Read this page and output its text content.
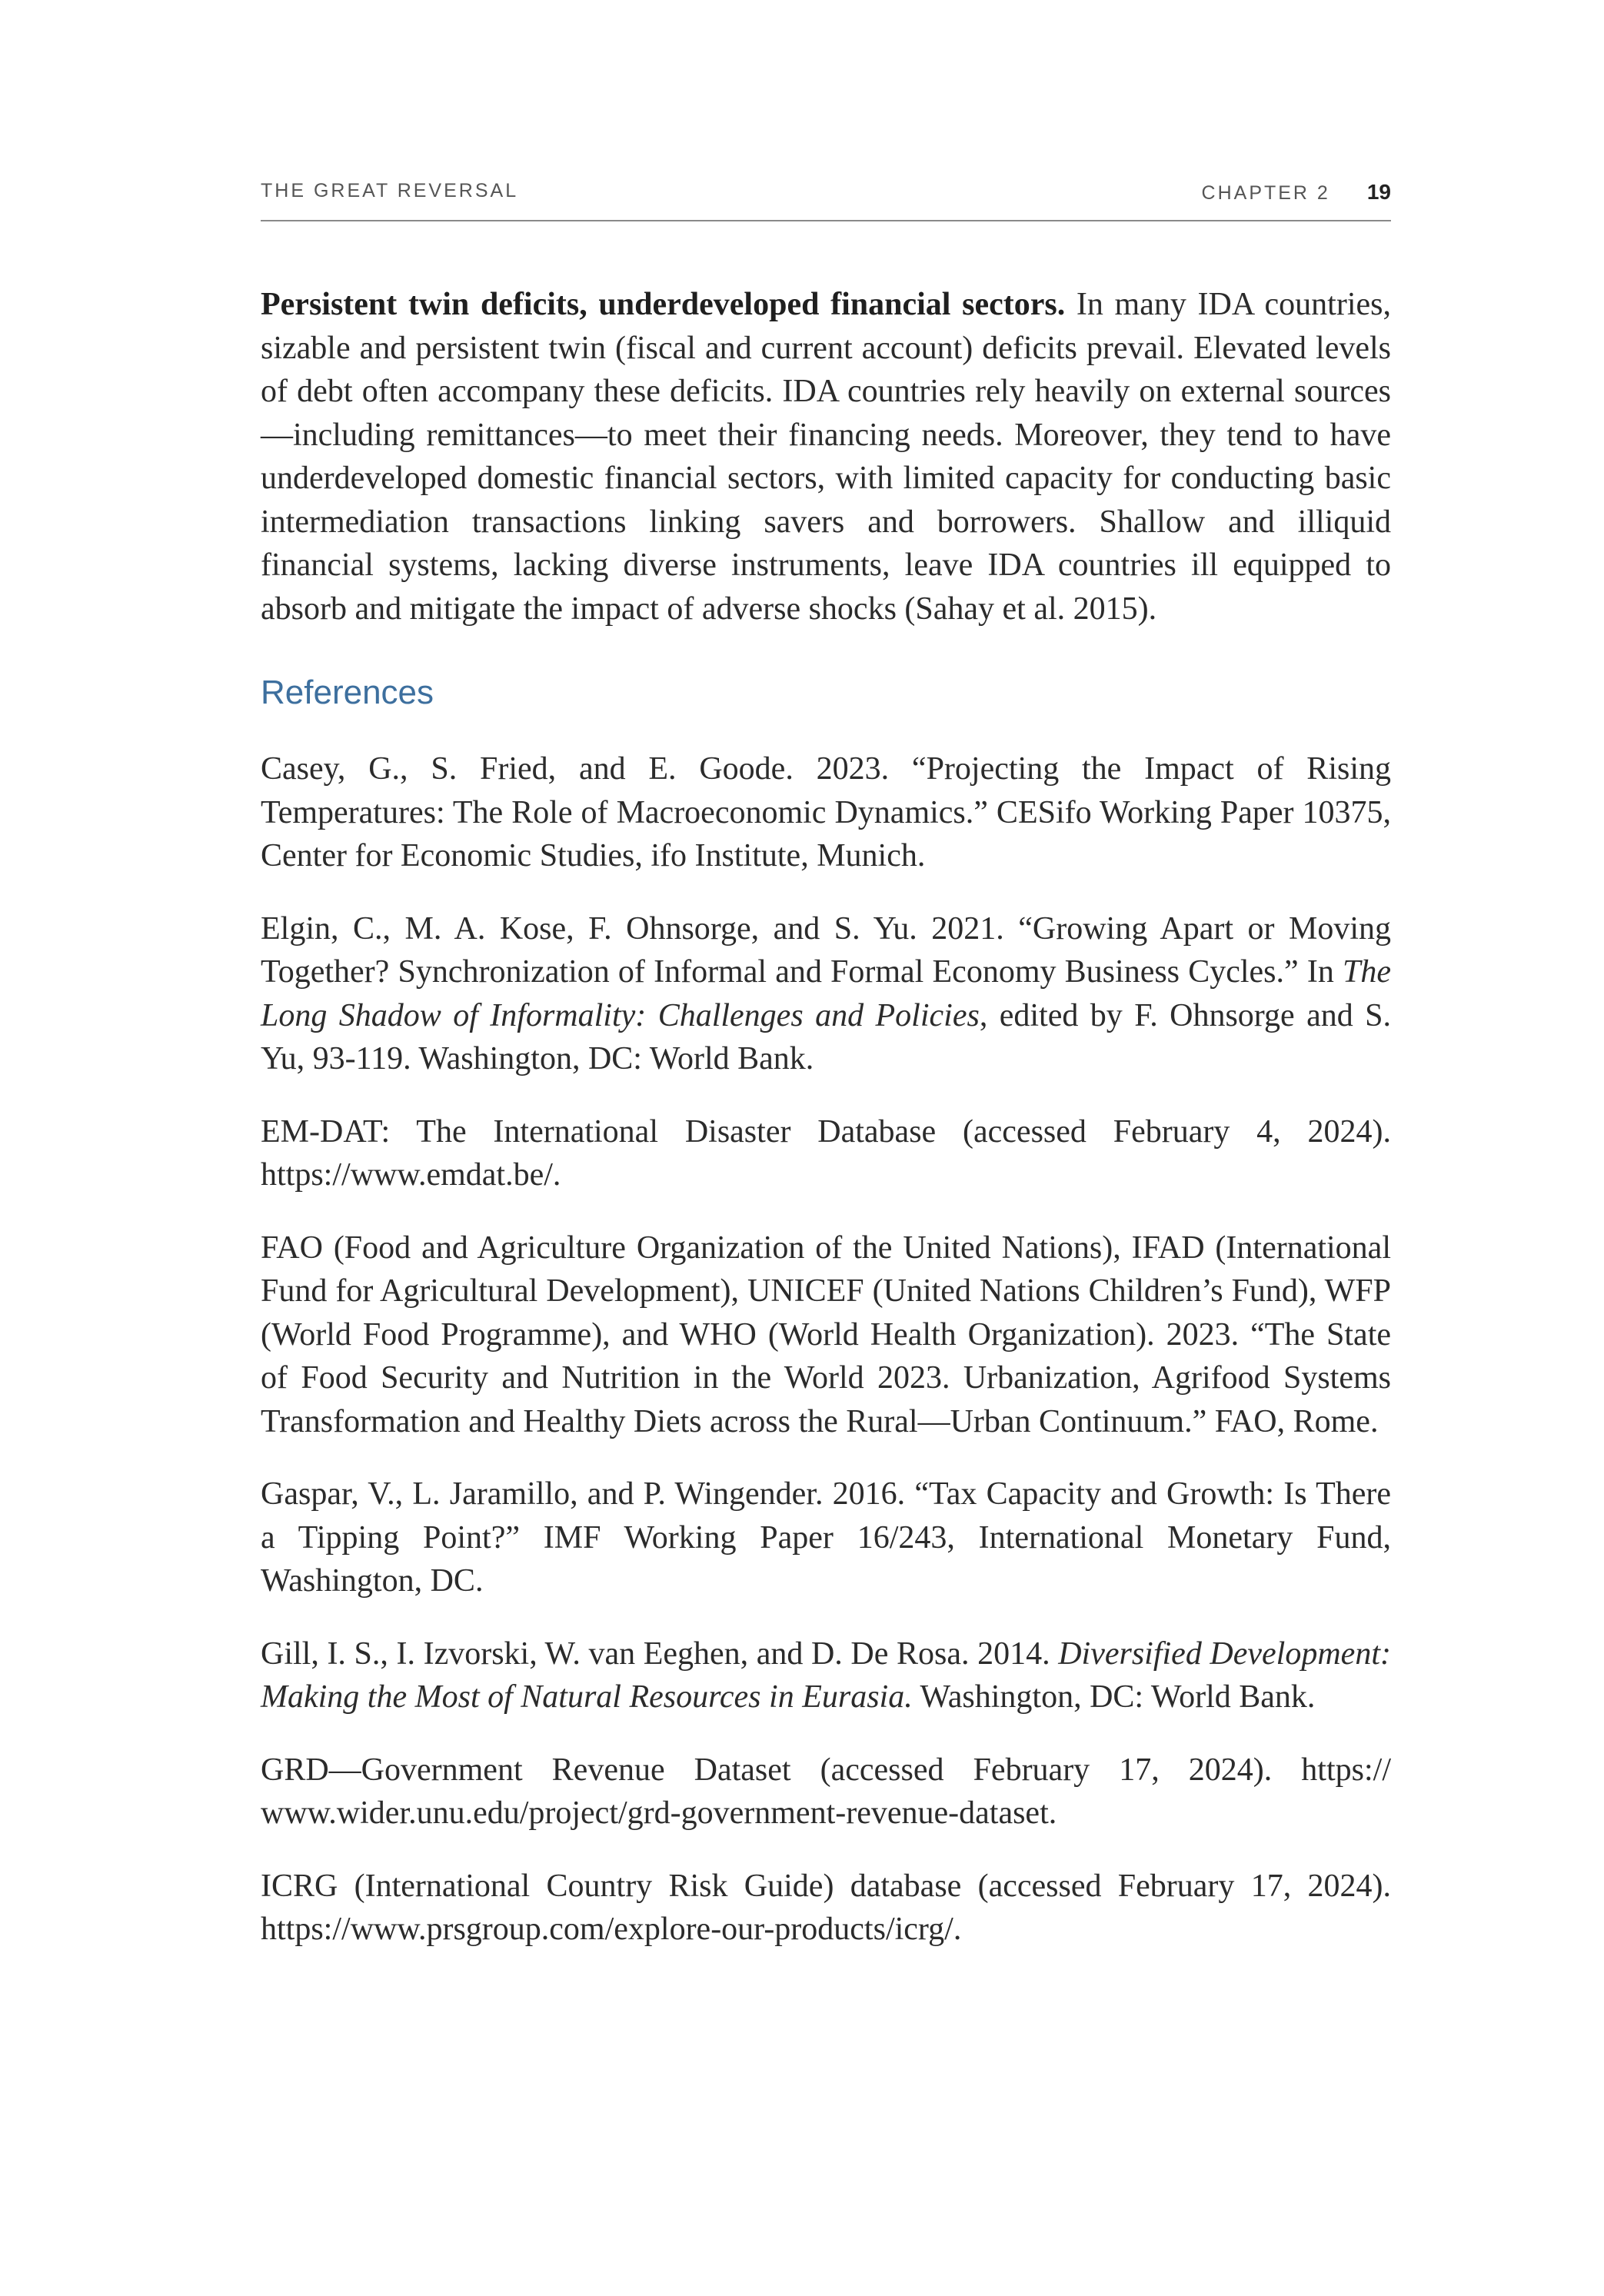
THE GREAT REVERSAL	CHAPTER 2 19

Persistent twin deficits, underdeveloped financial sectors. In many IDA countries, sizable and persistent twin (fiscal and current account) deficits prevail. Elevated levels of debt often accompany these deficits. IDA countries rely heavily on external sources—including remittances—to meet their financing needs. Moreover, they tend to have underdeveloped domestic financial sectors, with limited capacity for conducting basic intermediation transactions linking savers and borrowers. Shallow and illiquid financial systems, lacking diverse instruments, leave IDA countries ill equipped to absorb and mitigate the impact of adverse shocks (Sahay et al. 2015).

References

Casey, G., S. Fried, and E. Goode. 2023. “Projecting the Impact of Rising Temperatures: The Role of Macroeconomic Dynamics.” CESifo Working Paper 10375, Center for Economic Studies, ifo Institute, Munich.

Elgin, C., M. A. Kose, F. Ohnsorge, and S. Yu. 2021. “Growing Apart or Moving Together? Synchronization of Informal and Formal Economy Business Cycles.” In The Long Shadow of Informality: Challenges and Policies, edited by F. Ohnsorge and S. Yu, 93-119. Washington, DC: World Bank.

EM-DAT: The International Disaster Database (accessed February 4, 2024). https://www.emdat.be/.

FAO (Food and Agriculture Organization of the United Nations), IFAD (International Fund for Agricultural Development), UNICEF (United Nations Children’s Fund), WFP (World Food Programme), and WHO (World Health Organization). 2023. “The State of Food Security and Nutrition in the World 2023. Urbanization, Agrifood Systems Transformation and Healthy Diets across the Rural—Urban Continuum.” FAO, Rome.

Gaspar, V., L. Jaramillo, and P. Wingender. 2016. “Tax Capacity and Growth: Is There a Tipping Point?” IMF Working Paper 16/243, International Monetary Fund, Washington, DC.

Gill, I. S., I. Izvorski, W. van Eeghen, and D. De Rosa. 2014. Diversified Development: Making the Most of Natural Resources in Eurasia. Washington, DC: World Bank.

GRD—Government Revenue Dataset (accessed February 17, 2024). https:// www.wider.unu.edu/project/grd-government-revenue-dataset.

ICRG (International Country Risk Guide) database (accessed February 17, 2024). https://www.prsgroup.com/explore-our-products/icrg/.
